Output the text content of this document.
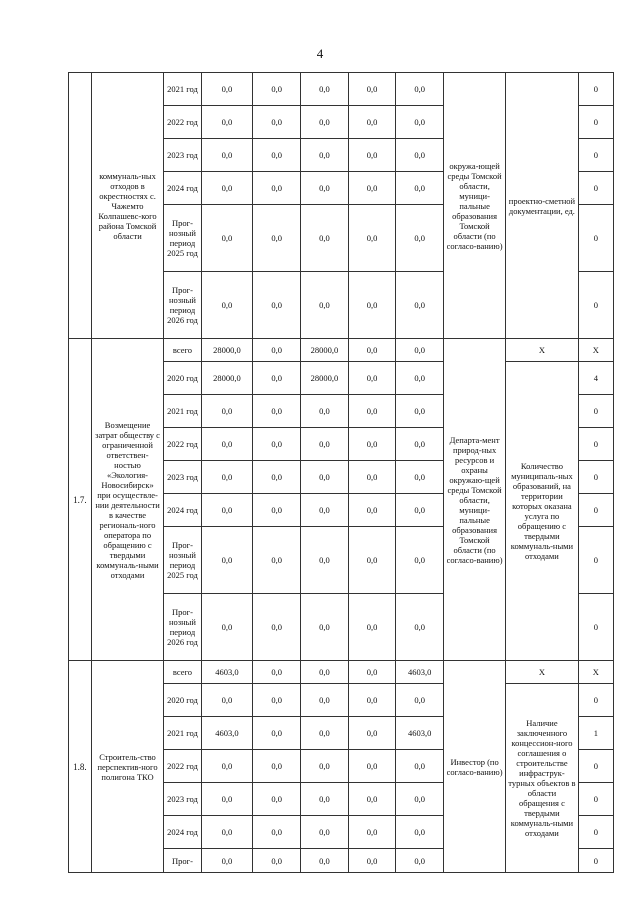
4
	коммуналь-ных отходов в окрестностях с. Чажемто Колпашевс-кого района Томской области	2021 год	0,0	0,0	0,0	0,0	0,0	окружа-ющей среды Томской области, муници-пальные образования Томской области (по согласо-ванию)	проектно-сметной документации, ед.	0
		2022 год	0,0	0,0	0,0	0,0	0,0			0
		2023 год	0,0	0,0	0,0	0,0	0,0			0
		2024 год	0,0	0,0	0,0	0,0	0,0			0
		Прог-нозный период 2025 год	0,0	0,0	0,0	0,0	0,0			0
		Прог-нозный период 2026 год	0,0	0,0	0,0	0,0	0,0			0
1.7.	Возмещение затрат обществу с ограниченной ответствен-ностью «Экология-Новосибирск» при осуществле-нии деятельности в качестве региональ-ного оператора по обращению с твердыми коммуналь-ными отходами	всего	28000,0	0,0	28000,0	0,0	0,0	Департа-мент природ-ных ресурсов и охраны окружаю-щей среды Томской области, муници-пальные образования Томской области (по согласо-ванию)	X	X
		2020 год	28000,0	0,0	28000,0	0,0	0,0		Количество муниципаль-ных образований, на территории которых оказана услуга по обращению с твердыми коммуналь-ными отходами	4
		2021 год	0,0	0,0	0,0	0,0	0,0			0
		2022 год	0,0	0,0	0,0	0,0	0,0			0
		2023 год	0,0	0,0	0,0	0,0	0,0			0
		2024 год	0,0	0,0	0,0	0,0	0,0			0
		Прог-нозный период 2025 год	0,0	0,0	0,0	0,0	0,0			0
		Прог-нозный период 2026 год	0,0	0,0	0,0	0,0	0,0			0
1.8.	Строитель-ство перспектив-ного полигона ТКО	всего	4603,0	0,0	0,0	0,0	4603,0	Инвестор (по согласо-ванию)	X	X
		2020 год	0,0	0,0	0,0	0,0	0,0		Наличие заключенного концессион-ного соглашения о строительстве инфраструк-турных объектов в области обращения с твердыми коммуналь-ными отходами	0
		2021 год	4603,0	0,0	0,0	0,0	4603,0			1
		2022 год	0,0	0,0	0,0	0,0	0,0			0
		2023 год	0,0	0,0	0,0	0,0	0,0			0
		2024 год	0,0	0,0	0,0	0,0	0,0			0
		Прог-	0,0	0,0	0,0	0,0	0,0			0
